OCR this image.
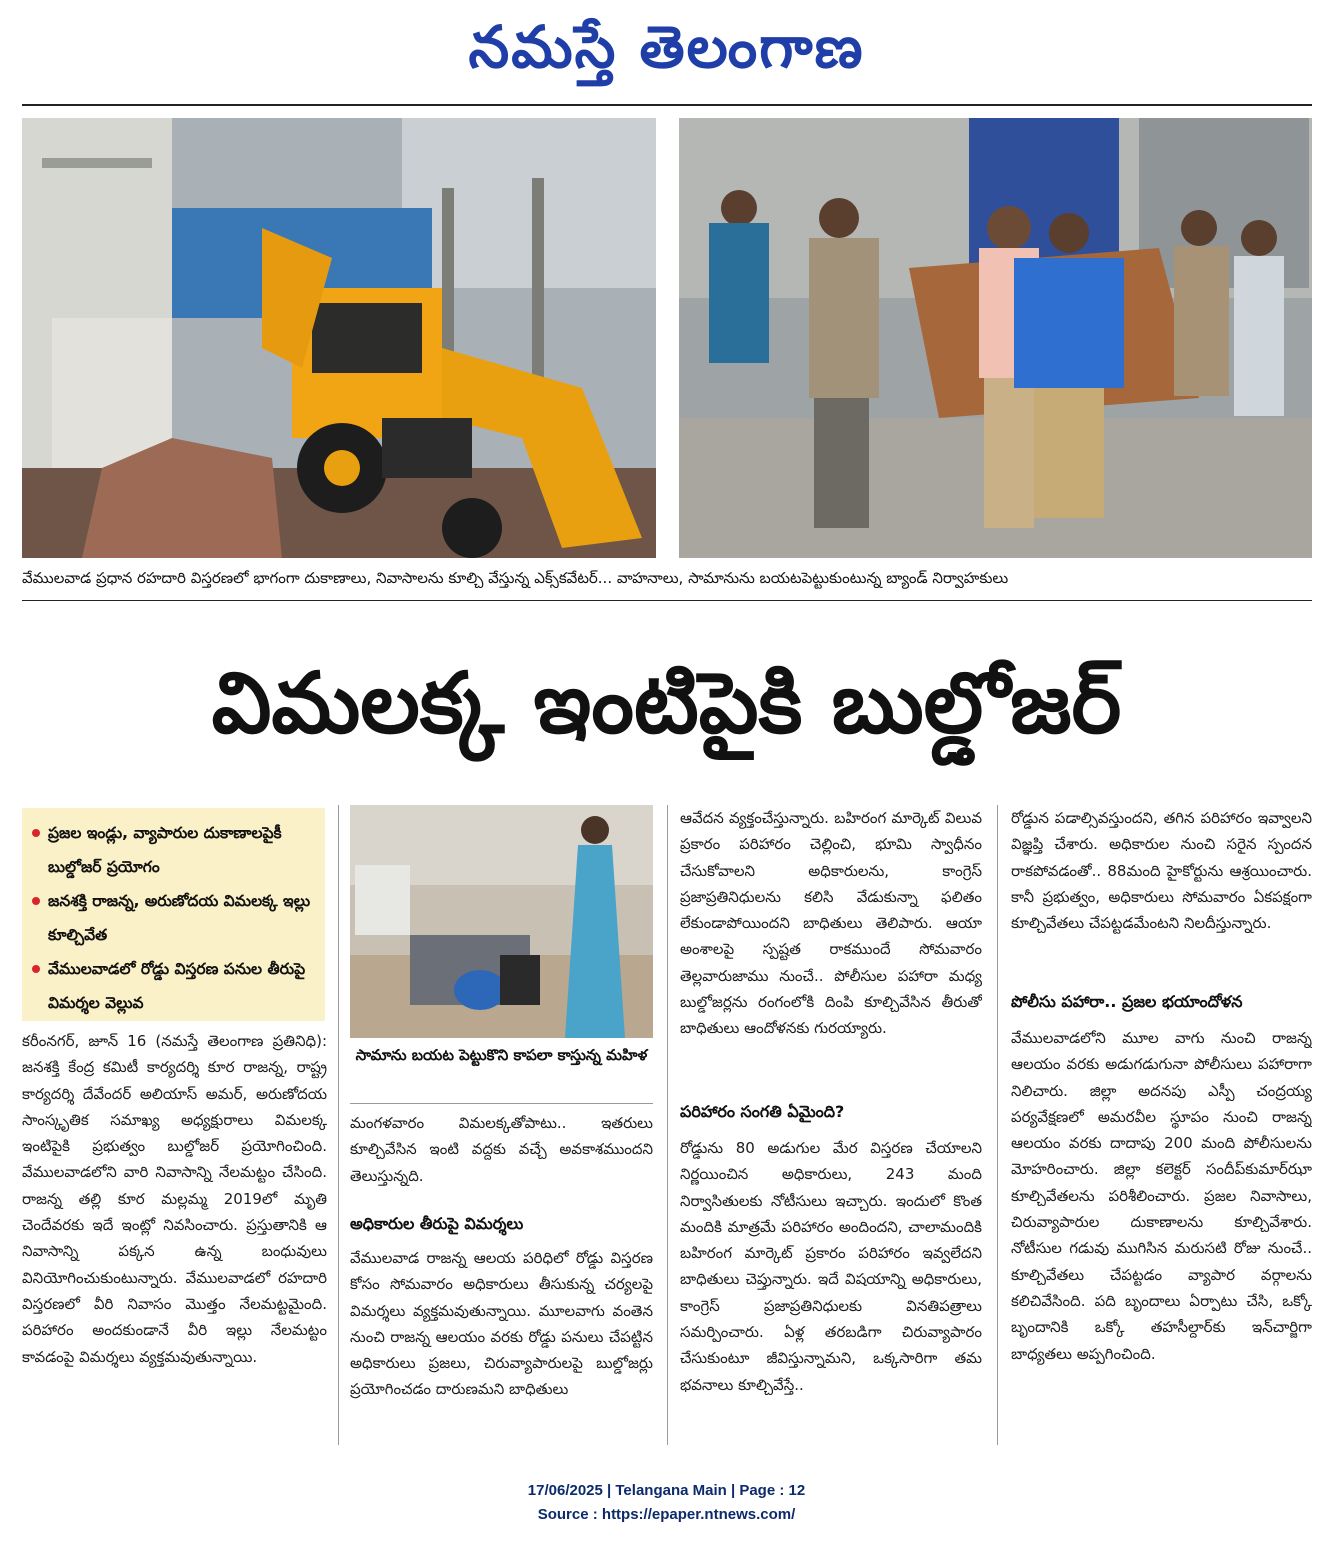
నమస్తే తెలంగాణ
వేములవాడ ప్రధాన రహదారి విస్తరణలో భాగంగా దుకాణాలు, నివాసాలను కూల్చి వేస్తున్న ఎక్స్‌కవేటర్... వాహనాలు, సామానును బయటపెట్టుకుంటున్న బ్యాండ్ నిర్వాహకులు
విమలక్క ఇంటిపైకి బుల్డోజర్
ప్రజల ఇండ్లు, వ్యాపారుల దుకాణాలపైకీ బుల్డోజర్ ప్రయోగం
జనశక్తి రాజన్న, అరుణోదయ విమలక్క ఇల్లు కూల్చివేత
వేములవాడలో రోడ్డు విస్తరణ పనుల తీరుపై విమర్శల వెల్లువ
కరీంనగర్, జూన్ 16 (నమస్తే తెలంగాణ ప్రతినిధి): జనశక్తి కేంద్ర కమిటీ కార్యదర్శి కూర రాజన్న, రాష్ట్ర కార్యదర్శి దేవేందర్ అలియాస్ అమర్, అరుణోదయ సాంస్కృతిక సమాఖ్య అధ్యక్షురాలు విమలక్క ఇంటిపైకి ప్రభుత్వం బుల్డోజర్ ప్రయోగించింది. వేములవాడలోని వారి నివాసాన్ని నేలమట్టం చేసింది. రాజన్న తల్లి కూర మల్లమ్మ 2019లో మృతి చెందేవరకు ఇదే ఇంట్లో నివసించారు. ప్రస్తుతానికి ఆ నివాసాన్ని పక్కన ఉన్న బంధువులు వినియోగించుకుంటున్నారు. వేములవాడలో రహదారి విస్తరణలో వీరి నివాసం మొత్తం నేలమట్టమైంది. పరిహారం అందకుండానే వీరి ఇల్లు నేలమట్టం కావడంపై విమర్శలు వ్యక్తమవుతున్నాయి.
సామాను బయట పెట్టుకొని కాపలా కాస్తున్న మహిళ
మంగళవారం విమలక్కతోపాటు.. ఇతరులు కూల్చివేసిన ఇంటి వద్దకు వచ్చే అవకాశముందని తెలుస్తున్నది.
అధికారుల తీరుపై విమర్శలు
వేములవాడ రాజన్న ఆలయ పరిధిలో రోడ్డు విస్తరణ కోసం సోమవారం అధికారులు తీసుకున్న చర్యలపై విమర్శలు వ్యక్తమవుతున్నాయి. మూలవాగు వంతెన నుంచి రాజన్న ఆలయం వరకు రోడ్డు పనులు చేపట్టిన అధికారులు ప్రజలు, చిరువ్యాపారులపై బుల్డోజర్లు ప్రయోగించడం దారుణమని బాధితులు
ఆవేదన వ్యక్తంచేస్తున్నారు. బహిరంగ మార్కెట్ విలువ ప్రకారం పరిహారం చెల్లించి, భూమి స్వాధీనం చేసుకోవాలని అధికారులను, కాంగ్రెస్ ప్రజాప్రతినిధులను కలిసి వేడుకున్నా ఫలితం లేకుండాపోయిందని బాధితులు తెలిపారు. ఆయా అంశాలపై స్పష్టత రాకముందే సోమవారం తెల్లవారుజాము నుంచే.. పోలీసుల పహారా మధ్య బుల్డోజర్లను రంగంలోకి దింపి కూల్చివేసిన తీరుతో బాధితులు ఆందోళనకు గురయ్యారు.
పరిహారం సంగతి ఏమైంది?
రోడ్డును 80 అడుగుల మేర విస్తరణ చేయాలని నిర్ణయించిన అధికారులు, 243 మంది నిర్వాసితులకు నోటీసులు ఇచ్చారు. ఇందులో కొంత మందికి మాత్రమే పరిహారం అందిందని, చాలామందికి బహిరంగ మార్కెట్ ప్రకారం పరిహారం ఇవ్వలేదని బాధితులు చెప్తున్నారు. ఇదే విషయాన్ని అధికారులు, కాంగ్రెస్ ప్రజాప్రతినిధులకు వినతిపత్రాలు సమర్పించారు. ఏళ్ల తరబడిగా చిరువ్యాపారం చేసుకుంటూ జీవిస్తున్నామని, ఒక్కసారిగా తమ భవనాలు కూల్చివేస్తే..
రోడ్డున పడాల్సివస్తుందని, తగిన పరిహారం ఇవ్వాలని విజ్ఞప్తి చేశారు. అధికారుల నుంచి సరైన స్పందన రాకపోవడంతో.. 88మంది హైకోర్టును ఆశ్రయించారు. కానీ ప్రభుత్వం, అధికారులు సోమవారం ఏకపక్షంగా కూల్చివేతలు చేపట్టడమేంటని నిలదీస్తున్నారు.
పోలీసు పహారా.. ప్రజల భయాందోళన
వేములవాడలోని మూల వాగు నుంచి రాజన్న ఆలయం వరకు అడుగడుగునా పోలీసులు పహారాగా నిలిచారు. జిల్లా అదనపు ఎస్పీ చంద్రయ్య పర్యవేక్షణలో అమరవీల స్థూపం నుంచి రాజన్న ఆలయం వరకు దాదాపు 200 మంది పోలీసులను మోహరించారు. జిల్లా కలెక్టర్ సందీప్‌కుమార్‌ఝా కూల్చివేతలను పరిశీలించారు. ప్రజల నివాసాలు, చిరువ్యాపారుల దుకాణాలను కూల్చివేశారు. నోటీసుల గడువు ముగిసిన మరుసటి రోజు నుంచే.. కూల్చివేతలు చేపట్టడం వ్యాపార వర్గాలను కలిచివేసింది. పది బృందాలు ఏర్పాటు చేసి, ఒక్కో బృందానికి ఒక్కో తహసీల్దార్‌కు ఇన్‌చార్జిగా బాధ్యతలు అప్పగించింది.
17/06/2025 | Telangana Main | Page : 12
Source : https://epaper.ntnews.com/
